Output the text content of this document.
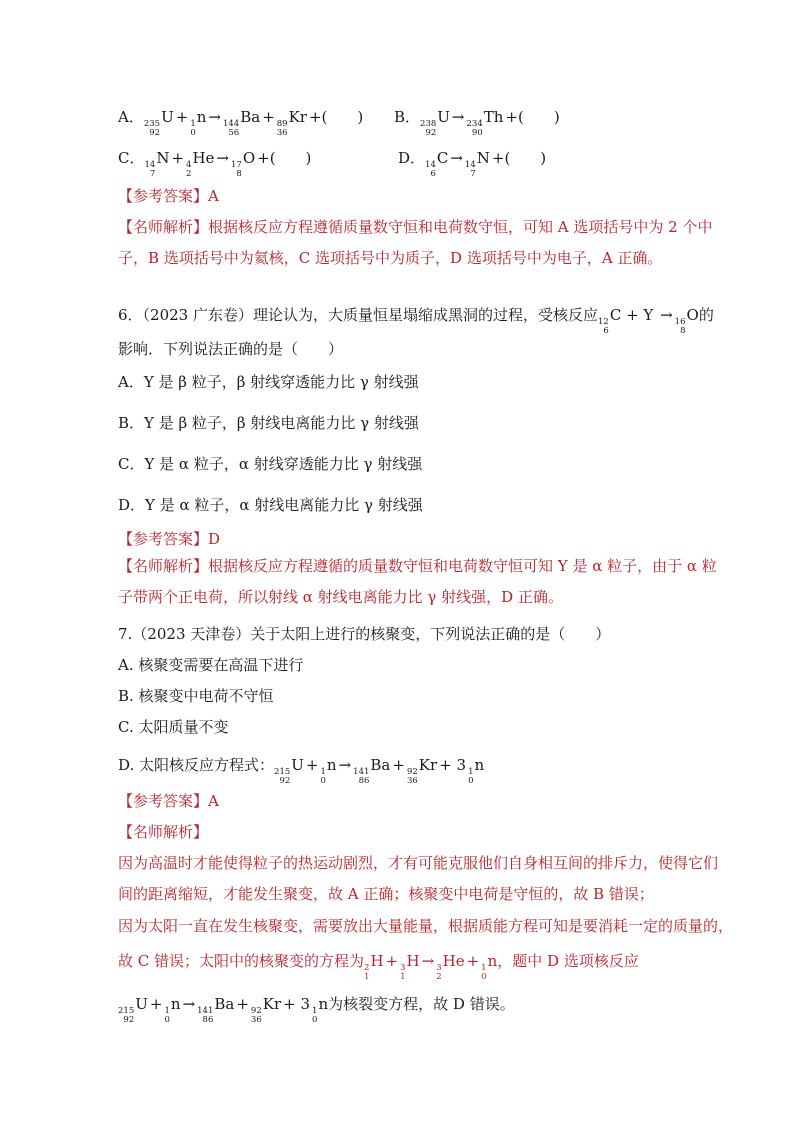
A． 235
92
U + 1
0
n → 144
56
Ba + 89
36
Kr +(　　) B． 238
92
U → 234
90
Th +(　　)
C． 14
7
N + 4
2
He → 17
8
O +(　　)	D． 14
6
C → 14
7
N +(　　)
【参考答案】A
【名师解析】根据核反应方程遵循质量数守恒和电荷数守恒，可知 A 选项括号中为 2 个中
子，B 选项括号中为氦核，C 选项括号中为质子，D 选项括号中为电子，A 正确。
6．（2023 广东卷）理论认为，大质量恒星塌缩成黑洞的过程，受核反应 12
6
C + Y → 16
8
O的
影响．下列说法正确的是（　　）
A．Y 是 β 粒子，β 射线穿透能力比 γ 射线强
B．Y 是 β 粒子，β 射线电离能力比 γ 射线强
C．Y 是 α 粒子，α 射线穿透能力比 γ 射线强
D．Y 是 α 粒子，α 射线电离能力比 γ 射线强
【参考答案】D
【名师解析】根据核反应方程遵循的质量数守恒和电荷数守恒可知 Y 是 α 粒子，由于 α 粒
子带两个正电荷，所以射线 α 射线电离能力比 γ 射线强，D 正确。
7.（2023 天津卷）关于太阳上进行的核聚变，下列说法正确的是（　　）
A. 核聚变需要在高温下进行
B. 核聚变中电荷不守恒
C. 太阳质量不变
D. 太阳核反应方程式： 215
92
U + 1
0
n → 141
86
Ba + 92
36
Kr + 3 1
0
n
【参考答案】A
【名师解析】
因为高温时才能使得粒子的热运动剧烈，才有可能克服他们自身相互间的排斥力，使得它们
间的距离缩短，才能发生聚变，故 A 正确；核聚变中电荷是守恒的，故 B 错误；
因为太阳一直在发生核聚变，需要放出大量能量，根据质能方程可知是要消耗一定的质量的，
故 C 错误；太阳中的核聚变的方程为 2
1
H + 3
1
H → 3
2
He + 1
0
n，题中 D 选项核反应
215
92
U + 1
0
n → 141
86
Ba + 92
36
Kr + 3 1
0
n为核裂变方程，故 D 错误。
